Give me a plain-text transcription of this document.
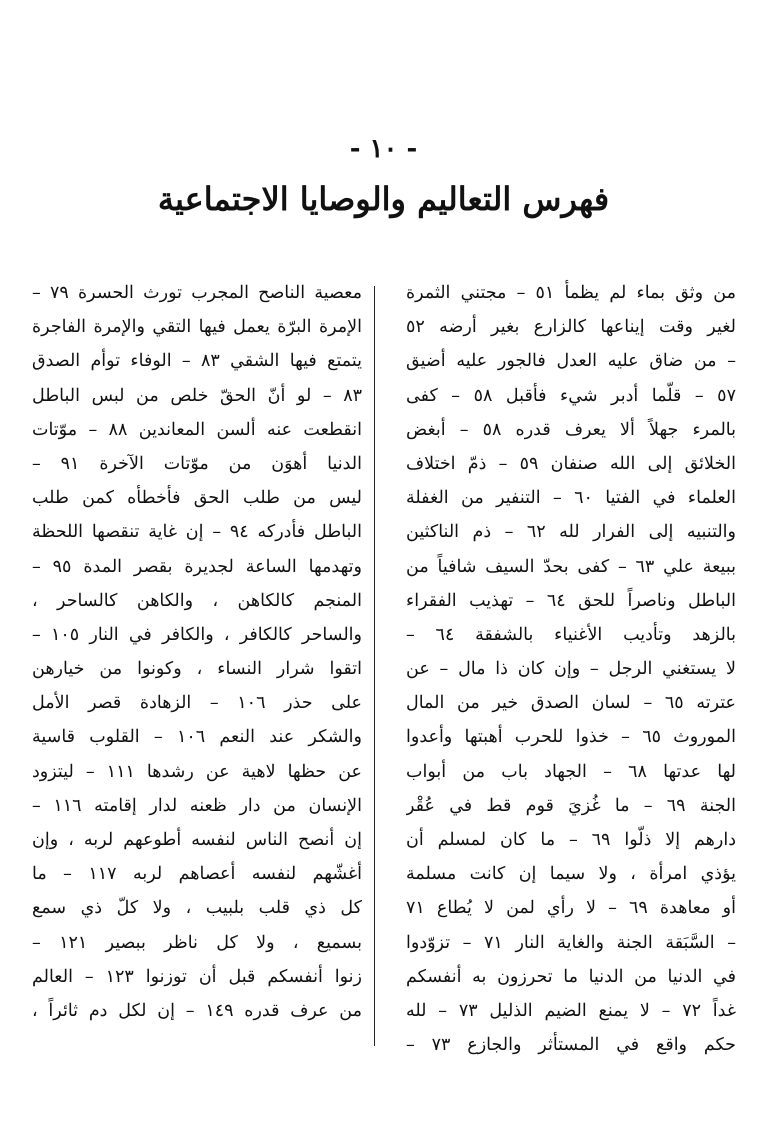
- ١٠ -
فهرس التعاليم والوصايا الاجتماعية
من وثق بماء لم يظمأ ٥١ – مجتني الثمرة
لغير وقت إيناعها كالزارع بغير أرضه ٥٢
– من ضاق عليه العدل فالجور عليه أضيق
٥٧ – قلّما أدبر شيء فأقبل ٥٨ – كفى
بالمرء جهلاً ألا يعرف قدره ٥٨ – أبغض
الخلائق إلى الله صنفان ٥٩ – ذمّ اختلاف
العلماء في الفتيا ٦٠ – التنفير من الغفلة
والتنبيه إلى الفرار لله ٦٢ – ذم الناكثين
ببيعة علي ٦٣ – كفى بحدّ السيف شافياً من
الباطل وناصراً للحق ٦٤ – تهذيب الفقراء
بالزهد وتأديب الأغنياء بالشفقة ٦٤ –
لا يستغني الرجل – وإن كان ذا مال – عن
عترته ٦٥ – لسان الصدق خير من المال
الموروث ٦٥ – خذوا للحرب أهبتها وأعدوا
لها عدتها ٦٨ – الجهاد باب من أبواب
الجنة ٦٩ – ما غُزيَ قوم قط في عُقْر
دارهم إلا ذلّوا ٦٩ – ما كان لمسلم أن
يؤذي امرأة ، ولا سيما إن كانت مسلمة
أو معاهدة ٦٩ – لا رأي لمن لا يُطاع ٧١
– السَّبَقة الجنة والغاية النار ٧١ – تزوّدوا
في الدنيا من الدنيا ما تحرزون به أنفسكم
غداً ٧٢ – لا يمنع الضيم الذليل ٧٣ – لله
حكم واقع في المستأثر والجازع ٧٣ –
معصية الناصح المجرب تورث الحسرة ٧٩ –
الإمرة البرّة يعمل فيها التقي والإمرة الفاجرة
يتمتع فيها الشقي ٨٣ – الوفاء توأم الصدق
٨٣ – لو أنّ الحقّ خلص من لبس الباطل
انقطعت عنه ألسن المعاندين ٨٨ – موّتات
الدنيا أهوَن من موّتات الآخرة ٩١ –
ليس من طلب الحق فأخطأه كمن طلب
الباطل فأدركه ٩٤ – إن غاية تنقصها اللحظة
وتهدمها الساعة لجديرة بقصر المدة ٩٥ –
المنجم كالكاهن ، والكاهن كالساحر ،
والساحر كالكافر ، والكافر في النار ١٠٥ –
اتقوا شرار النساء ، وكونوا من خيارهن
على حذر ١٠٦ – الزهادة قصر الأمل
والشكر عند النعم ١٠٦ – القلوب قاسية
عن حظها لاهية عن رشدها ١١١ – ليتزود
الإنسان من دار ظعنه لدار إقامته ١١٦ –
إن أنصح الناس لنفسه أطوعهم لربه ، وإن
أغشّهم لنفسه أعصاهم لربه ١١٧ – ما
كل ذي قلب بلبيب ، ولا كلّ ذي سمع
بسميع ، ولا كل ناظر ببصير ١٢١ –
زنوا أنفسكم قبل أن توزنوا ١٢٣ – العالم
من عرف قدره ١٤٩ – إن لكل دم ثائراً ،
